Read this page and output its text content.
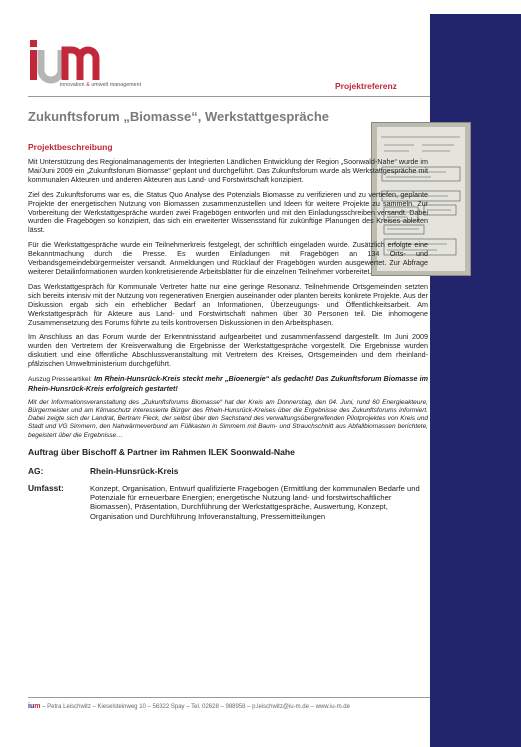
innovation & umwelt management	Projektreferenz
Zukunftsforum „Biomasse“, Werkstattgespräche
Projektbeschreibung

Mit Unterstützung des Regionalmanagements der Integrierten Ländlichen Entwicklung der Region „Soonwald-Nahe“ wurde im Mai/Juni 2009 ein „Zukunftsforum Biomasse“ geplant und durchgeführt. Das Zukunftsforum wurde als Werkstattgespräche mit kommunalen Akteuren und anderen Akteuren aus Land- und Forstwirtschaft konzipiert.

Ziel des Zukunftsforums war es, die Status Quo Analyse des Potenzials Biomasse zu verifizieren und zu vertiefen, geplante Projekte der energetischen Nutzung von Biomassen zusammenzustellen und Ideen für weitere Projekte zu sammeln. Zur Vorbereitung der Werkstattgespräche wurden zwei Fragebögen entworfen und mit den Einladungsschreiben versandt. Dabei wurden die Fragebögen so konzipiert, das sich ein erweiterter Wissensstand für zukünftige Planungen des Kreises ableiten lässt.

Für die Werkstattgespräche wurde ein Teilnehmerkreis festgelegt, der schriftlich eingeladen wurde. Zusätzlich erfolgte eine Bekanntmachung durch die Presse. Es wurden Einladungen mit Fragebögen an 134 Orts- und Verbandsgemeindebürgermeister versandt. Anmeldungen und Rücklauf der Fragebögen wurden ausgewertet. Zur Abfrage weiterer Detailinformationen wurden konkretisierende Arbeitsblätter für die einzelnen Teilnehmer vorbereitet.

Das Werkstattgespräch für Kommunale Vertreter hatte nur eine geringe Resonanz. Teilnehmende Ortsgemeinden setzten sich bereits intensiv mit der Nutzung von regenerativen Energien auseinander oder planten bereits konkrete Projekte. Aus der Diskussion ergab sich ein erheblicher Bedarf an Informationen, Überzeugungs- und Öffentlichkeitsarbeit. Am Werkstattgespräch für Akteure aus Land- und Forstwirtschaft nahmen über 30 Personen teil. Die inhomogene Zusammensetzung des Forums führte zu teils kontroversen Diskussionen in den Arbeitsphasen.

Im Anschluss an das Forum wurde der Erkenntnisstand aufgearbeitet und zusammenfassend dargestellt. Im Juni 2009 wurden den Vertretern der Kreisverwaltung die Ergebnisse der Werkstattgespräche vorgestellt. Die Ergebnisse wurden diskutiert und eine öffentliche Abschlussveranstaltung mit Vertretern des Kreises, Ortsgemeinden und dem rheinland-pfälzischen Umweltministerium durchgeführt.

Auszug Presseartikel: Im Rhein-Hunsrück-Kreis steckt mehr „Bioenergie“ als gedacht! Das Zukunftsforum Biomasse im Rhein-Hunsrück-Kreis erfolgreich gestartet!

Mit der Informationsveranstaltung des „Zukunftsforums Biomasse“ hat der Kreis am Donnerstag, den 04. Juni, rund 60 Energieakteure, Bürgermeister und am Klimaschutz interessierte Bürger des Rhein-Hunsrück-Kreises über die Ergebnisse des Zukunftsforums informiert. Dabei zeigte sich der Landrat, Bertram Fleck, der selbst über den Sachstand des verwaltungsübergreifenden Pilotprojektes von Kreis und Stadt und VG Simmern, den Nahwärmeverbund am Füllkasten in Simmern mit Baum- und Strauchschnitt aus Abfallbiomassen berichtete, begeistert über die Ergebnisse…

Auftrag über Bischoff & Partner im Rahmen ILEK Soonwald-Nahe
AG:	Rhein-Hunsrück-Kreis
Umfasst:	Konzept, Organisation, Entwurf qualifizierte Fragebogen (Ermittlung der kommunalen Bedarfe und Potenziale für erneuerbare Energien; energetische Nutzung land- und forstwirtschaftlicher Biomassen), Präsentation, Durchführung der Werkstattgespräche, Auswertung, Konzept, Organisation und Durchführung Infoveranstaltung, Pressemitteilungen
ium – Petra Leischwitz – Kieselsteinweg 10 – 56322 Spay – Tel. 02628 – 988958 – p.leischwitz@iu-m.de – www.iu-m.de
